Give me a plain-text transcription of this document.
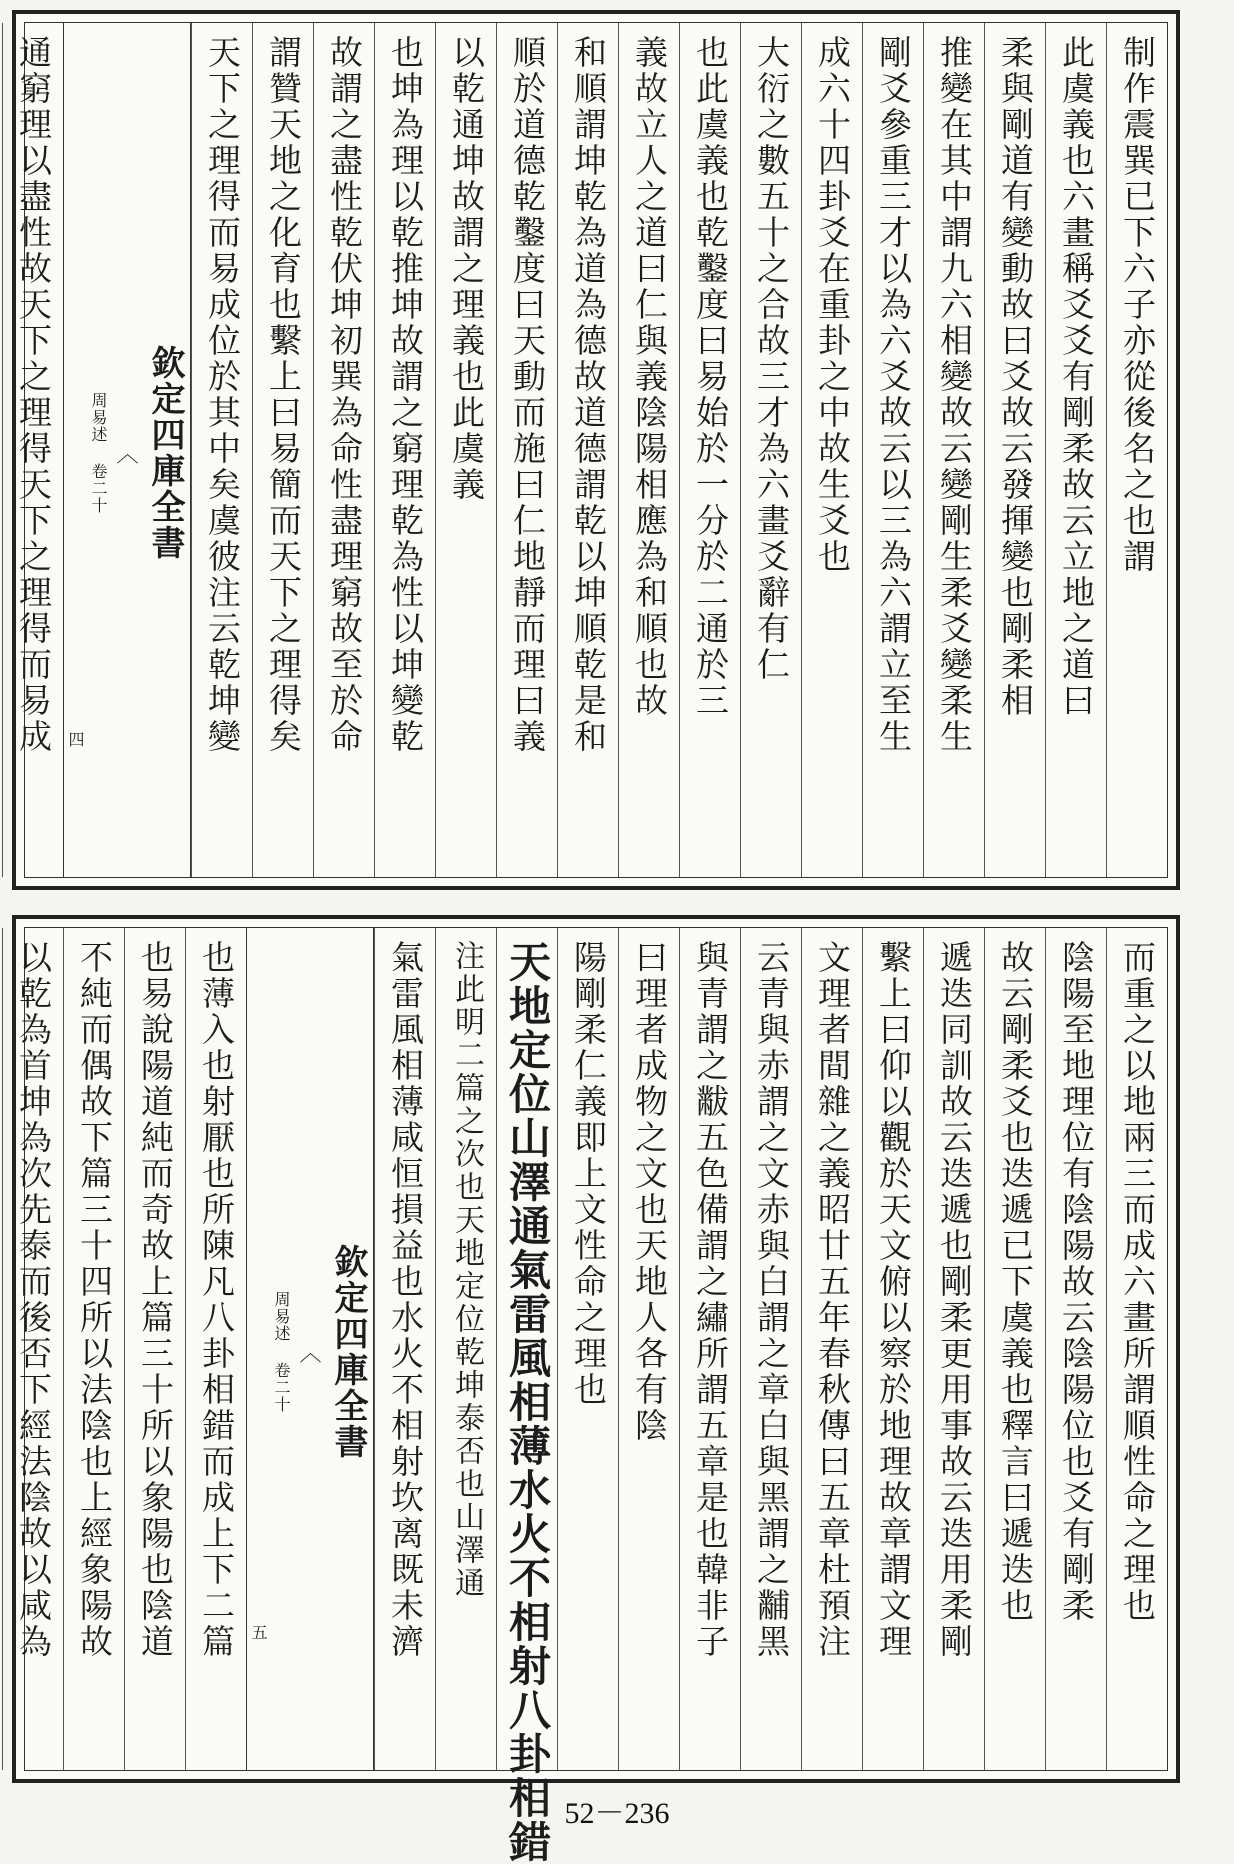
制作震巽已下六子亦從後名之也謂
此虞義也六畫稱爻爻有剛柔故云立地之道曰
柔與剛道有變動故曰爻故云發揮變也剛柔相
推變在其中謂九六相變故云變剛生柔爻變柔生
剛爻參重三才以為六爻故云以三為六謂立至生
成六十四卦爻在重卦之中故生爻也
大衍之數五十之合故三才為六畫爻辭有仁
也此虞義也乾鑿度曰易始於一分於二通於三
義故立人之道曰仁與義陰陽相應為和順也故
和順謂坤乾為道為德故道德謂乾以坤順乾是和
順於道德乾鑿度曰天動而施曰仁地靜而理曰義
以乾通坤故謂之理義也此虞義
也坤為理以乾推坤故謂之窮理乾為性以坤變乾
故謂之盡性乾伏坤初巽為命性盡理窮故至於命
謂贊天地之化育也繫上曰易簡而天下之理得矣
天下之理得而易成位於其中矣虞彼注云乾坤變
欽定四庫全書
︿
周易述 卷二十
四
通窮理以盡性故天下之理得天下之理得而易成
而重之以地兩三而成六畫所謂順性命之理也
陰陽至地理位有陰陽故云陰陽位也爻有剛柔
故云剛柔爻也迭遞已下虞義也釋言曰遞迭也
遞迭同訓故云迭遞也剛柔更用事故云迭用柔剛
繫上曰仰以觀於天文俯以察於地理故章謂文理
文理者間雜之義昭廿五年春秋傳曰五章杜預注
云青與赤謂之文赤與白謂之章白與黑謂之黼黑
與青謂之黻五色備謂之繡所謂五章是也韓非子
曰理者成物之文也天地人各有陰
陽剛柔仁義即上文性命之理也
天地定位山澤通氣雷風相薄水火不相射八卦相錯
注此明二篇之次也天地定位乾坤泰否也山澤通
氣雷風相薄咸恒損益也水火不相射坎离既未濟
欽定四庫全書
︿
周易述 卷二十
五
也薄入也射厭也所陳凡八卦相錯而成上下二篇
也易說陽道純而奇故上篇三十所以象陽也陰道
不純而偶故下篇三十四所以法陰也上經象陽故
以乾為首坤為次先泰而後否下經法陰故以咸為
52－236
